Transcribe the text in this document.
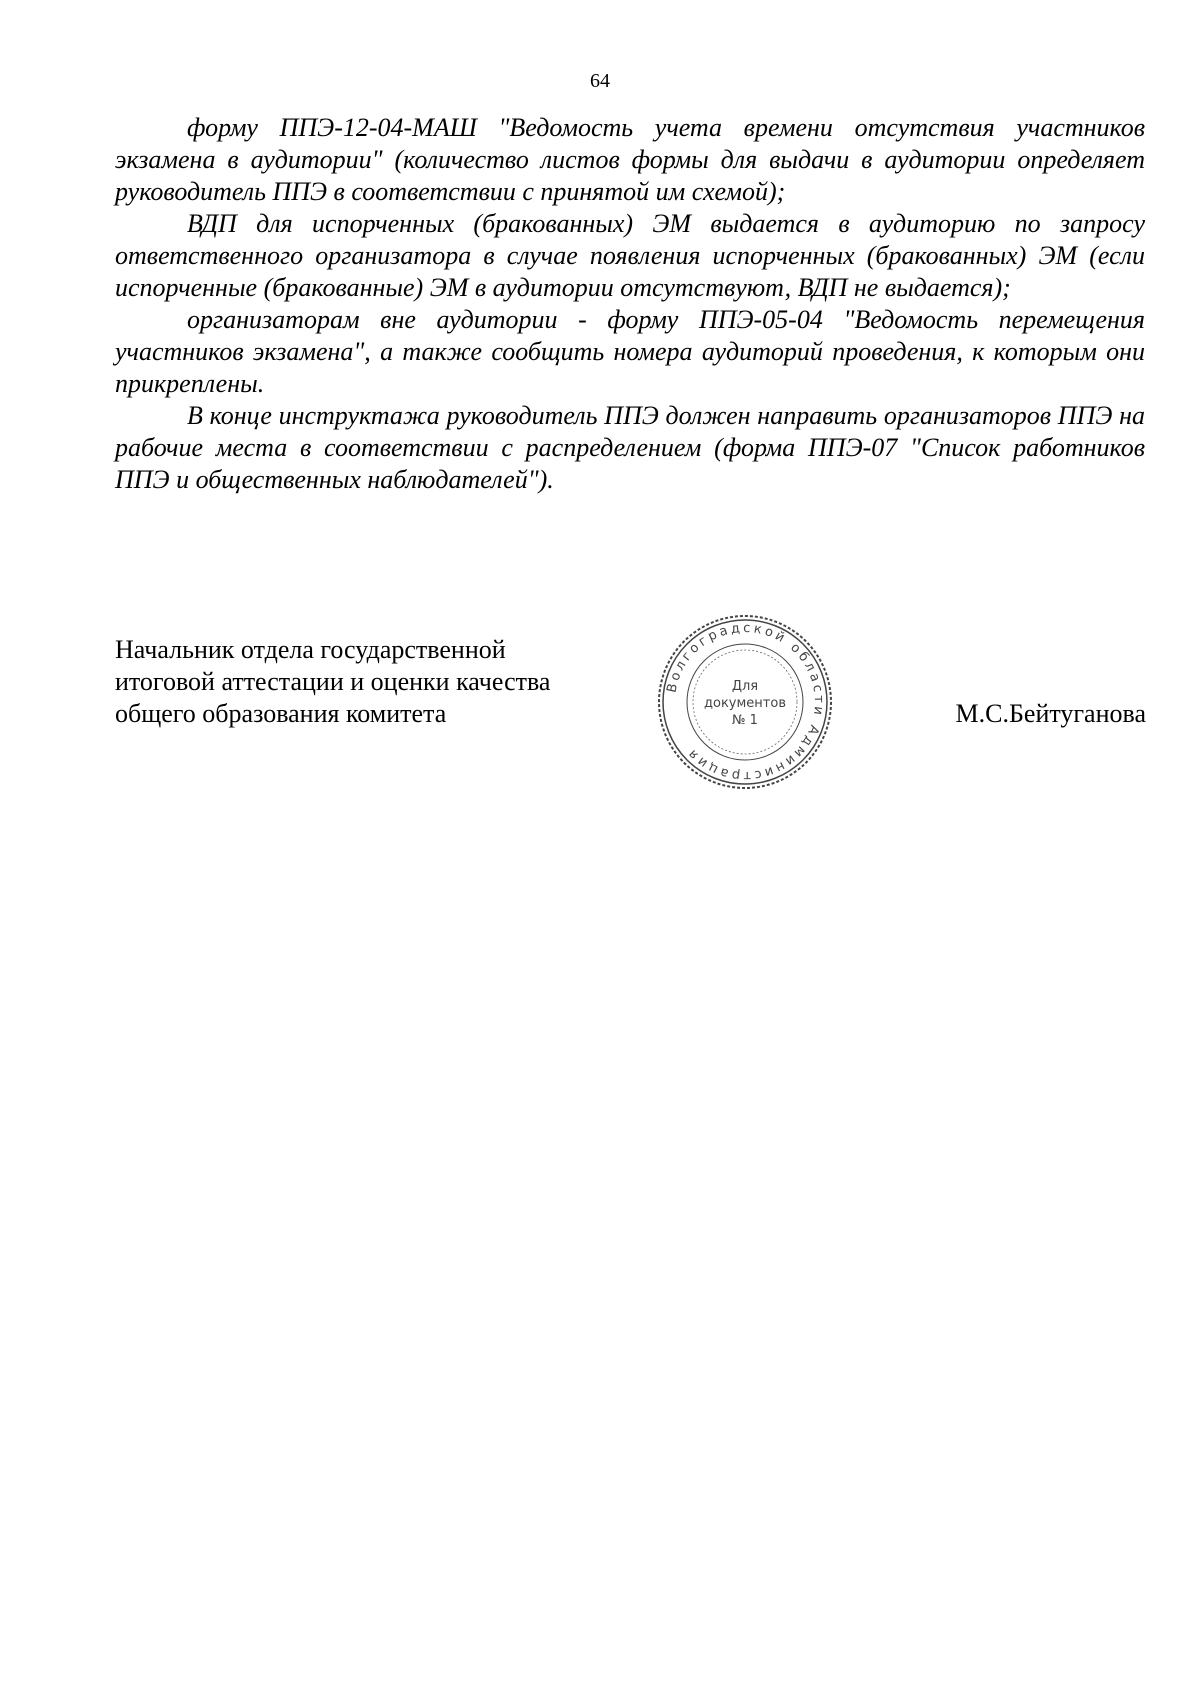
64

форму ППЭ-12-04-МАШ "Ведомость учета времени отсутствия участников экзамена в аудитории" (количество листов формы для выдачи в аудитории определяет руководитель ППЭ в соответствии с принятой им схемой);

ВДП для испорченных (бракованных) ЭМ выдается в аудиторию по запросу ответственного организатора в случае появления испорченных (бракованных) ЭМ (если испорченные (бракованные) ЭМ в аудитории отсутствуют, ВДП не выдается);

организаторам вне аудитории - форму ППЭ-05-04 "Ведомость перемещения участников экзамена", а также сообщить номера аудиторий проведения, к которым они прикреплены.

В конце инструктажа руководитель ППЭ должен направить организаторов ППЭ на рабочие места в соответствии с распределением (форма ППЭ-07 "Список работников ППЭ и общественных наблюдателей").

Начальник отдела государственной
итоговой аттестации и оценки качества
общего образования комитета
Волгоградской области Администрация
Для
документов
№ 1	М.С.Бейтуганова
